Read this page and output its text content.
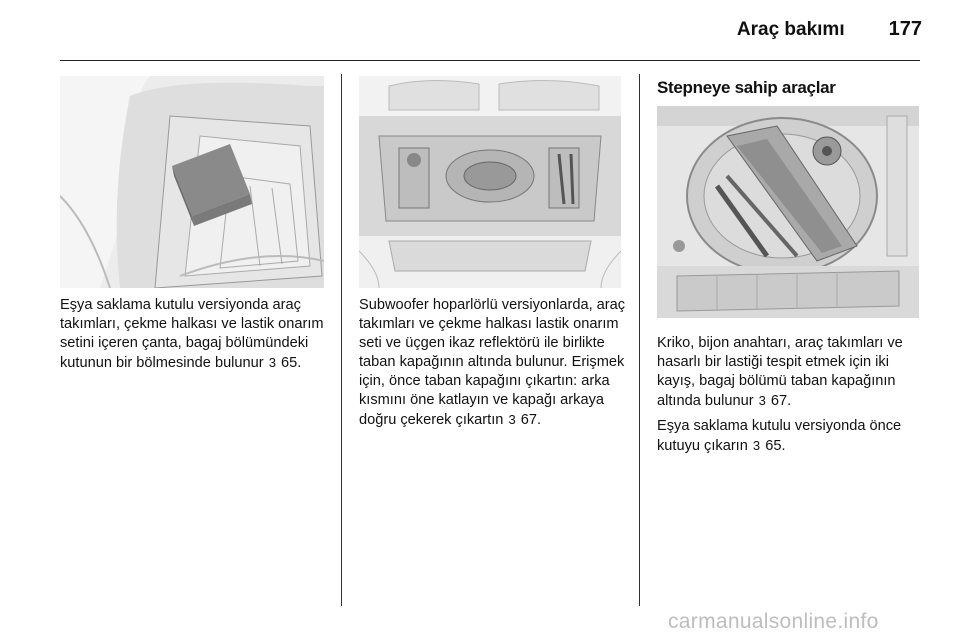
Araç bakımı 177
Stepneye sahip araçlar

Eşya saklama kutulu versiyonda araç takımları, çekme halkası ve lastik onarım setini içeren çanta, bagaj bölümündeki kutunun bir bölmesinde bulunur 3 65.

Subwoofer hoparlörlü versiyonlarda, araç takımları ve çekme halkası lastik onarım seti ve üçgen ikaz reflektörü ile birlikte taban kapağının altında bulunur. Erişmek için, önce taban kapağını çıkartın: arka kısmını öne katlayın ve kapağı arkaya doğru çekerek çıkartın 3 67.

Kriko, bijon anahtarı, araç takımları ve hasarlı bir lastiği tespit etmek için iki kayış, bagaj bölümü taban kapağının altında bulunur 3 67.

Eşya saklama kutulu versiyonda önce kutuyu çıkarın 3 65.

carmanualsonline.info
